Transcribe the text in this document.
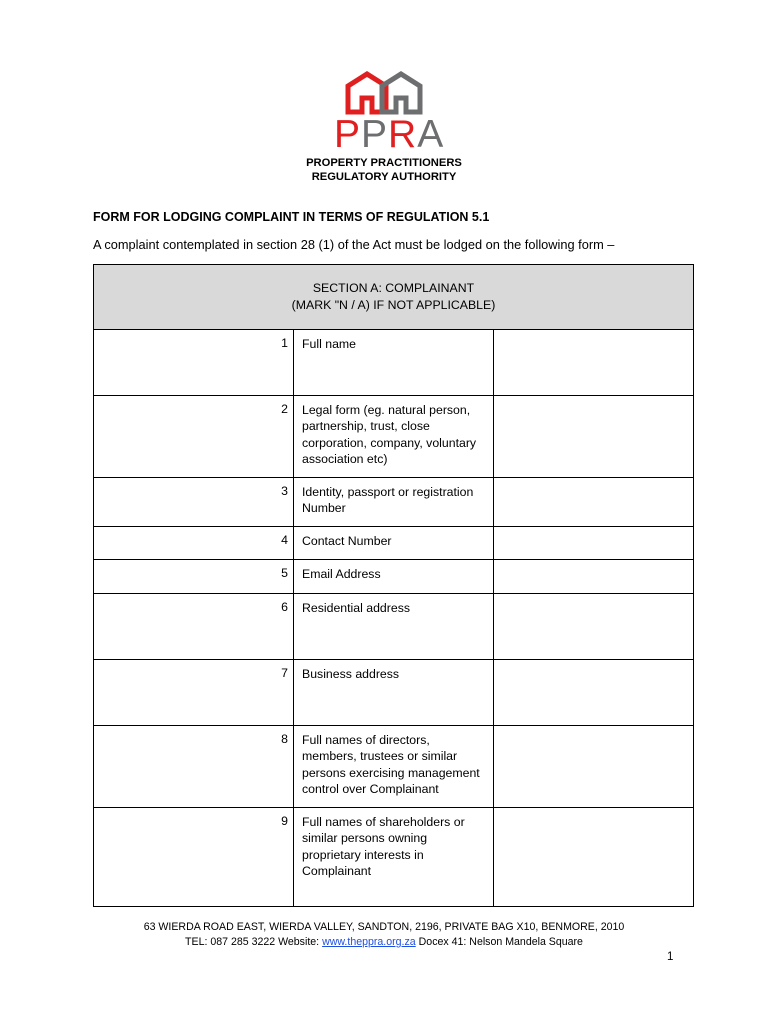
P P R A
PROPERTY PRACTITIONERS
REGULATORY AUTHORITY
FORM FOR LODGING COMPLAINT IN TERMS OF REGULATION 5.1
A complaint contemplated in section 28 (1) of the Act must be lodged on the following form –
SECTION A: COMPLAINANT
(MARK "N / A) IF NOT APPLICABLE)		

1	Full name	
2	Legal form (eg. natural person, partnership, trust, close corporation, company, voluntary association etc)	
3	Identity, passport or registration Number	
4	Contact Number	
5	Email Address	
6	Residential address	
7	Business address	
8	Full names of directors, members, trustees or similar persons exercising management control over Complainant	
9	Full names of shareholders or similar persons owning proprietary interests in Complainant	
63 WIERDA ROAD EAST, WIERDA VALLEY, SANDTON, 2196, PRIVATE BAG X10, BENMORE, 2010
TEL: 087 285 3222 Website: www.theppra.org.za Docex 41: Nelson Mandela Square
1
